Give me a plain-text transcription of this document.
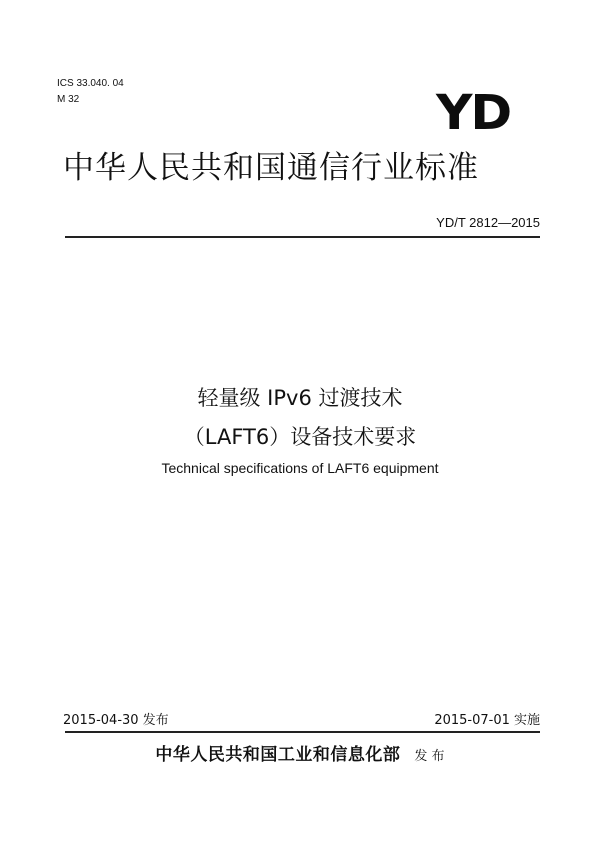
ICS 33.040. 04
M 32	YD
中华人民共和国通信行业标准
YD/T 2812—2015
轻量级 IPv6 过渡技术
（LAFT6）设备技术要求
Technical specifications of LAFT6 equipment
2015-04-30 发布	2015-07-01 实施
中华人民共和国工业和信息化部 发 布
